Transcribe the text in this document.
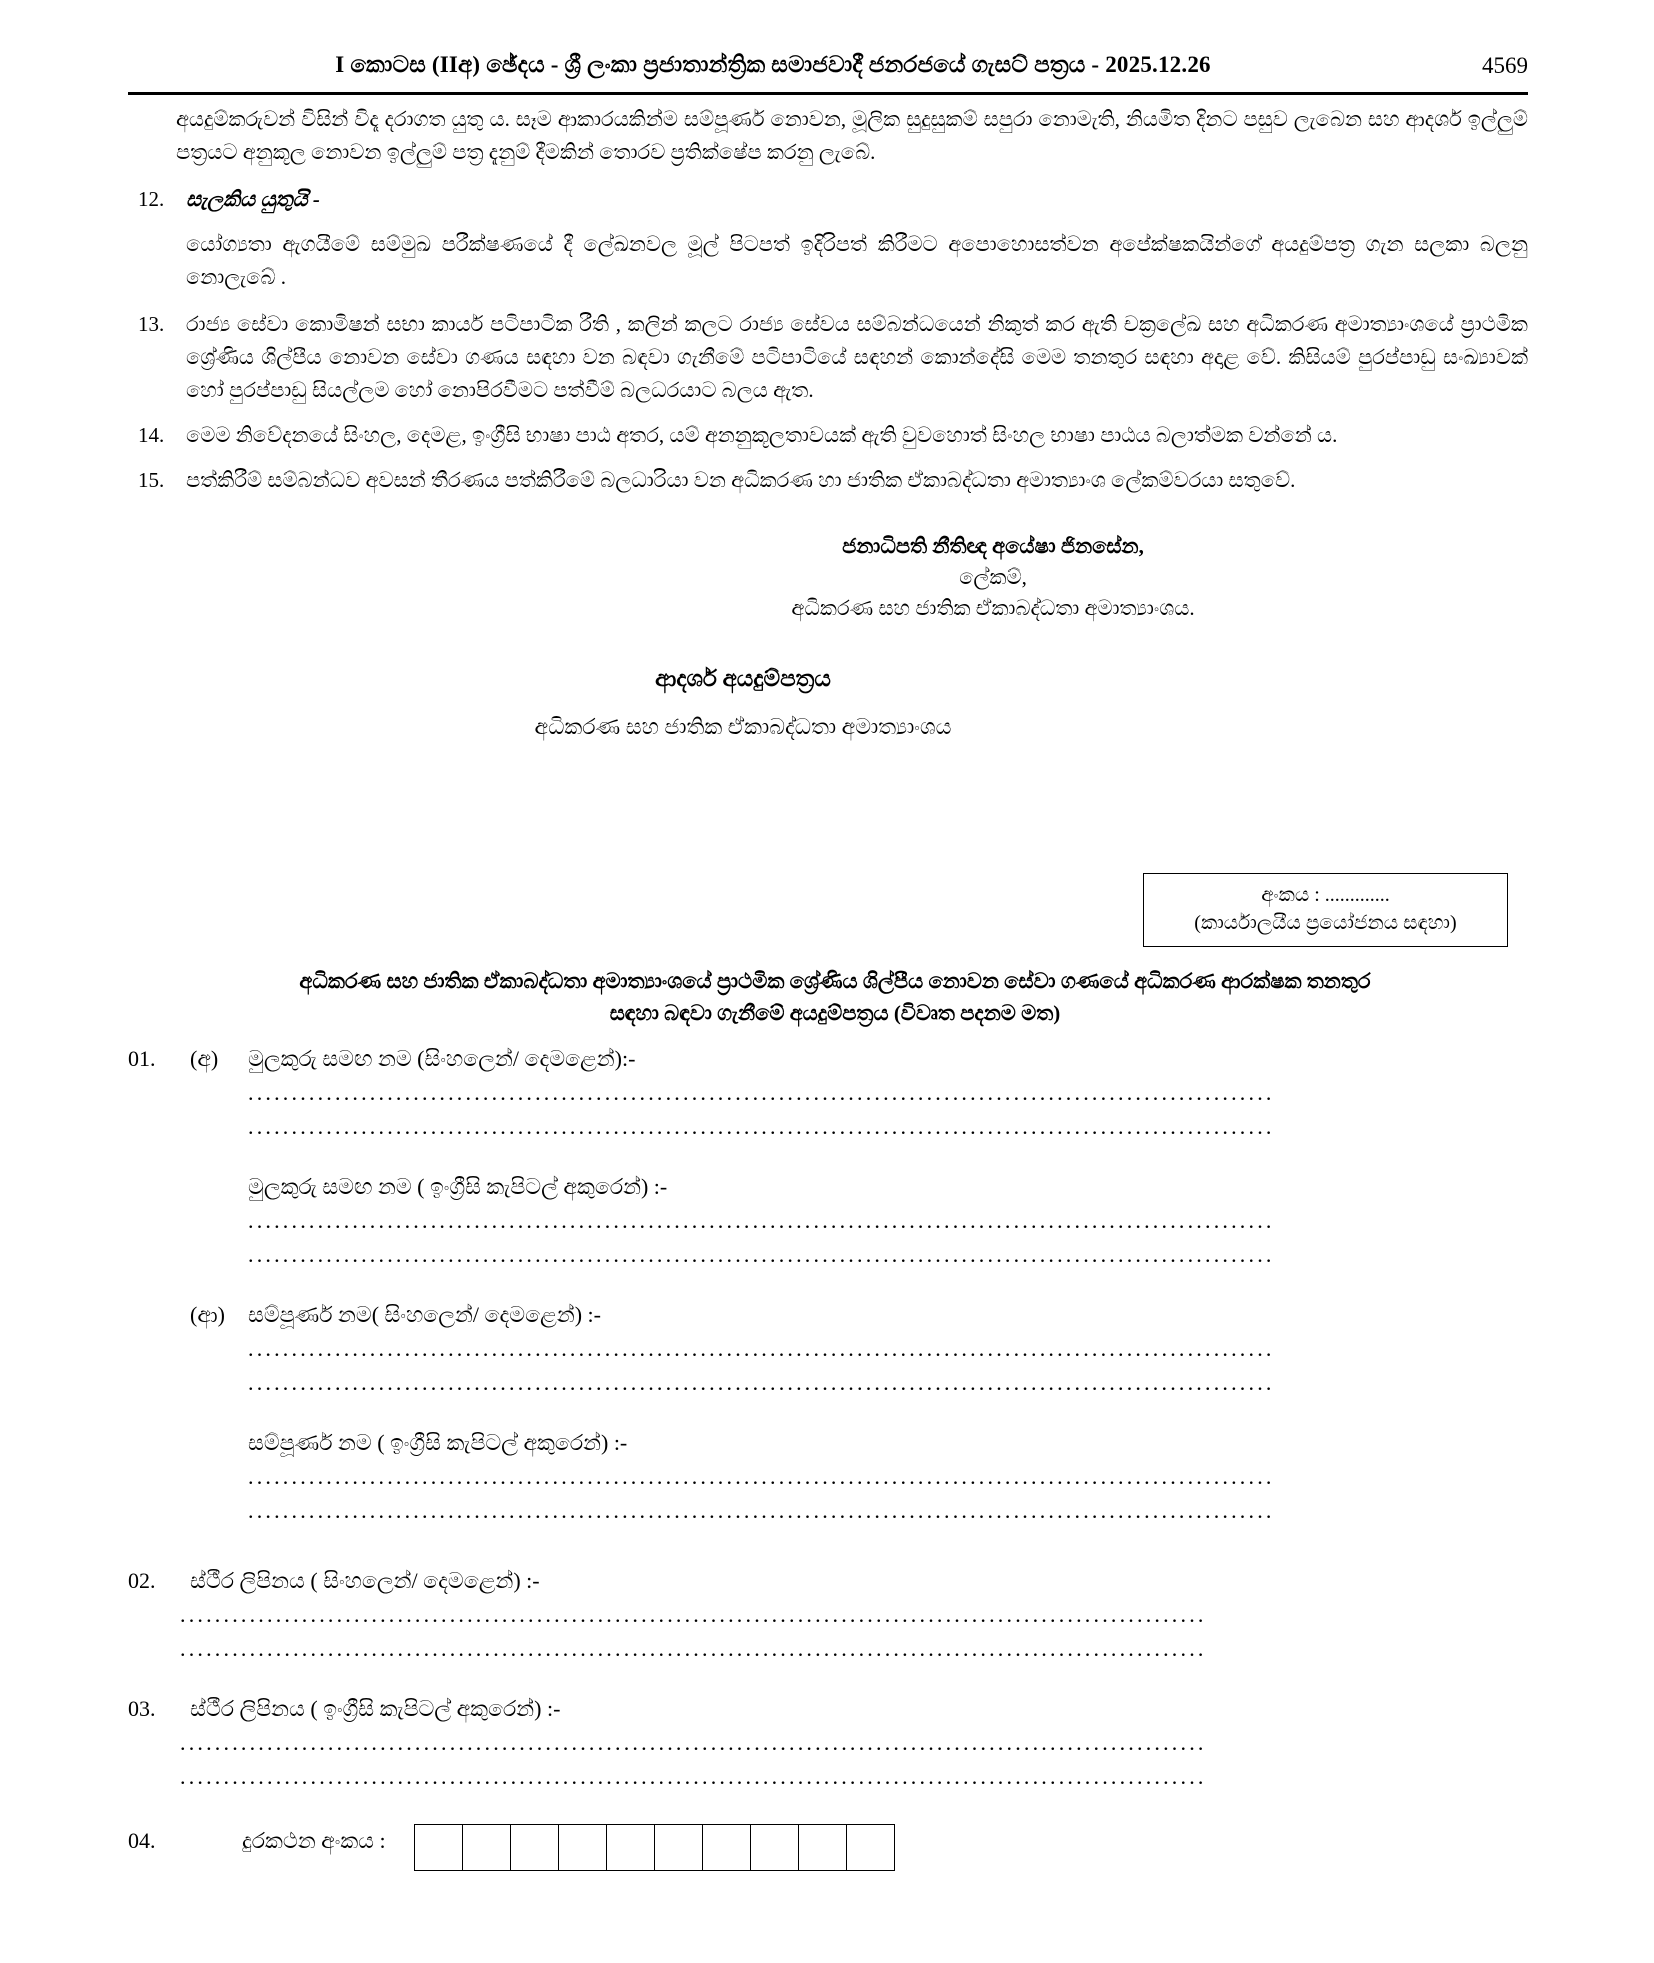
I කොටස (IIඅ) ඡේදය - ශ්‍රී ලංකා ප්‍රජාතාන්ත්‍රික සමාජවාදී ජනරජයේ ගැසට් පත්‍රය - 2025.12.26	4569
අයදුම්කරුවන් විසින් විදෑ දරාගත යුතු ය. සෑම ආකාරයකින්ම සම්පූර්ණ නොවන, මූලික සුදුසුකම් සපුරා නොමැති, නියමිත දිනට පසුව ලැබෙන සහ ආදර්ශ ඉල්ලුම් පත්‍රයට අනුකූල නොවන ඉල්ලුම් පත්‍ර දැනුම් දීමකින් තොරව ප්‍රතික්ෂේප කරනු ලැබේ.
12.	සැලකිය යුතුයි -
යෝග්‍යතා ඇගයීමේ සම්මුඛ පරීක්ෂණයේ දී ලේඛනවල මූල් පිටපත් ඉදිරිපත් කිරීමට අපොහොසත්වන අපේක්ෂකයින්ගේ අයදුම්පත්‍ර ගැන සලකා බලනු නොලැබේ .
13.	රාජ්‍ය සේවා කොමිෂන් සභා කාර්ය පටිපාටික රීති , කලින් කලට රාජ්‍ය සේවය සම්බන්ධයෙන් නිකුත් කර ඇති චක්‍රලේඛ සහ අධිකරණ අමාත්‍යාංශයේ ප්‍රාථමික ශ්‍රේණිය ශිල්පීය නොවන සේවා ගණය සඳහා වන බඳවා ගැනීමේ පටිපාටියේ සඳහන් කොන්දේසි මෙම තනතුර සඳහා අදාළ වේ. කිසියම් පුරප්පාඩු සංඛ්‍යාවක් හෝ පුරප්පාඩු සියල්ලම හෝ නොපිරවීමට පත්වීම් බලධරයාට බලය ඇත.
14.	මෙම නිවේදනයේ සිංහල, දෙමළ, ඉංග්‍රීසි භාෂා පාඨ අතර, යම් අනනුකූලතාවයක් ඇති වුවහොත් සිංහල භාෂා පාඨය බලාත්මක වන්නේ ය.
15.	පත්කිරීම් සම්බන්ධව අවසන් තීරණය පත්කිරීමේ බලධාරියා වන අධිකරණ හා ජාතික ඒකාබද්ධතා අමාත්‍යාංශ ලේකම්වරයා සතුවේ.
ජනාධිපති නීතිඥ අයේෂා ජිනසේන,
ලේකම්,
අධිකරණ සහ ජාතික ඒකාබද්ධතා අමාත්‍යාංශය.
ආදර්ශ අයදුම්පත්‍රය
අධිකරණ සහ ජාතික ඒකාබද්ධතා අමාත්‍යාංශය
අංකය : .............
(කාර්යාලයීය ප්‍රයෝජනය සඳහා)
අධිකරණ සහ ජාතික ඒකාබද්ධතා අමාත්‍යාංශයේ ප්‍රාථමික ශ්‍රේණිය ශිල්පීය නොවන සේවා ගණයේ අධිකරණ ආරක්ෂක තනතුර
සඳහා බඳවා ගැනීමේ අයදුම්පත්‍රය (විවෘත පදනම මත)
01.	(අ)	මුලකුරු සමඟ නම (සිංහලෙන්/ දෙමළෙන්):-
......................................................................................................................
......................................................................................................................
මුලකුරු සමඟ නම ( ඉංග්‍රීසි කැපිටල් අකුරෙන්) :-
......................................................................................................................
......................................................................................................................
(ආ)	සම්පූර්ණ නම( සිංහලෙන්/ දෙමළෙන්) :-
......................................................................................................................
......................................................................................................................
සම්පූර්ණ නම ( ඉංග්‍රීසි කැපිටල් අකුරෙන්) :-
......................................................................................................................
......................................................................................................................
02.	ස්ථීර ලිපිනය ( සිංහලෙන්/ දෙමළෙන්) :-
......................................................................................................................
......................................................................................................................
03.	ස්ථීර ලිපිනය ( ඉංග්‍රීසි කැපිටල් අකුරෙන්) :-
......................................................................................................................
......................................................................................................................
04.	දුරකථන අංකය :
